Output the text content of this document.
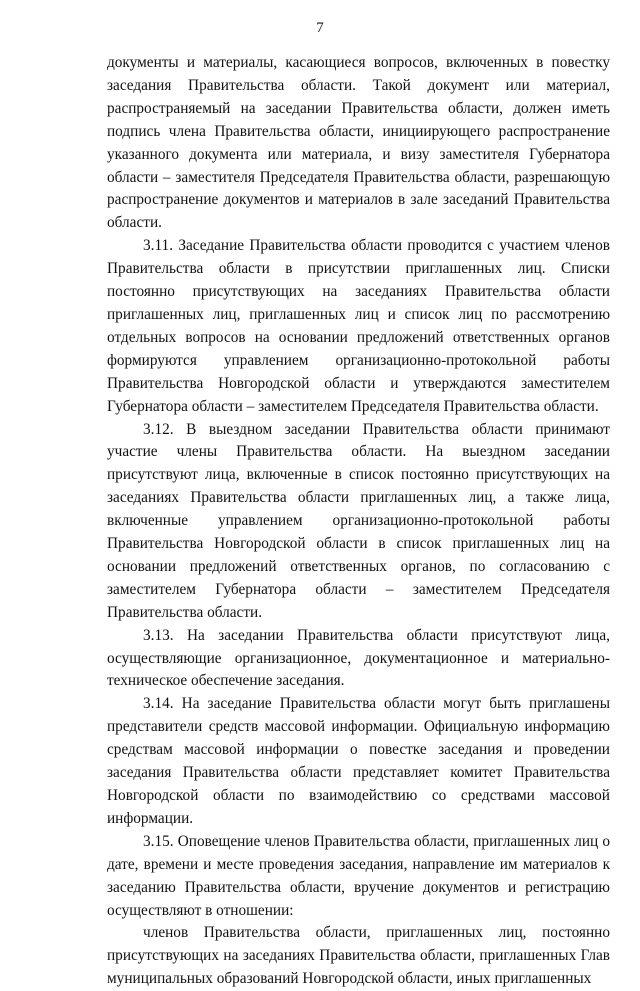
7

документы и материалы, касающиеся вопросов, включенных в повестку заседания Правительства области. Такой документ или материал, распространяемый на заседании Правительства области, должен иметь подпись члена Правительства области, инициирующего распространение указанного документа или материала, и визу заместителя Губернатора области – заместителя Председателя Правительства области, разрешающую распространение документов и материалов в зале заседаний Правительства области.

3.11. Заседание Правительства области проводится с участием членов Правительства области в присутствии приглашенных лиц. Списки постоянно присутствующих на заседаниях Правительства области приглашенных лиц, приглашенных лиц и список лиц по рассмотрению отдельных вопросов на основании предложений ответственных органов формируются управлением организационно-протокольной работы Правительства Новгородской области и утверждаются заместителем Губернатора области – заместителем Председателя Правительства области.

3.12. В выездном заседании Правительства области принимают участие члены Правительства области. На выездном заседании присутствуют лица, включенные в список постоянно присутствующих на заседаниях Правительства области приглашенных лиц, а также лица, включенные управлением организационно-протокольной работы Правительства Новгородской области в список приглашенных лиц на основании предложений ответственных органов, по согласованию с заместителем Губернатора области – заместителем Председателя Правительства области.

3.13. На заседании Правительства области присутствуют лица, осуществляющие организационное, документационное и материально-техническое обеспечение заседания.

3.14. На заседание Правительства области могут быть приглашены представители средств массовой информации. Официальную информацию средствам массовой информации о повестке заседания и проведении заседания Правительства области представляет комитет Правительства Новгородской области по взаимодействию со средствами массовой информации.

3.15. Оповещение членов Правительства области, приглашенных лиц о дате, времени и месте проведения заседания, направление им материалов к заседанию Правительства области, вручение документов и регистрацию осуществляют в отношении:

членов Правительства области, приглашенных лиц, постоянно присутствующих на заседаниях Правительства области, приглашенных Глав муниципальных образований Новгородской области, иных приглашенных
